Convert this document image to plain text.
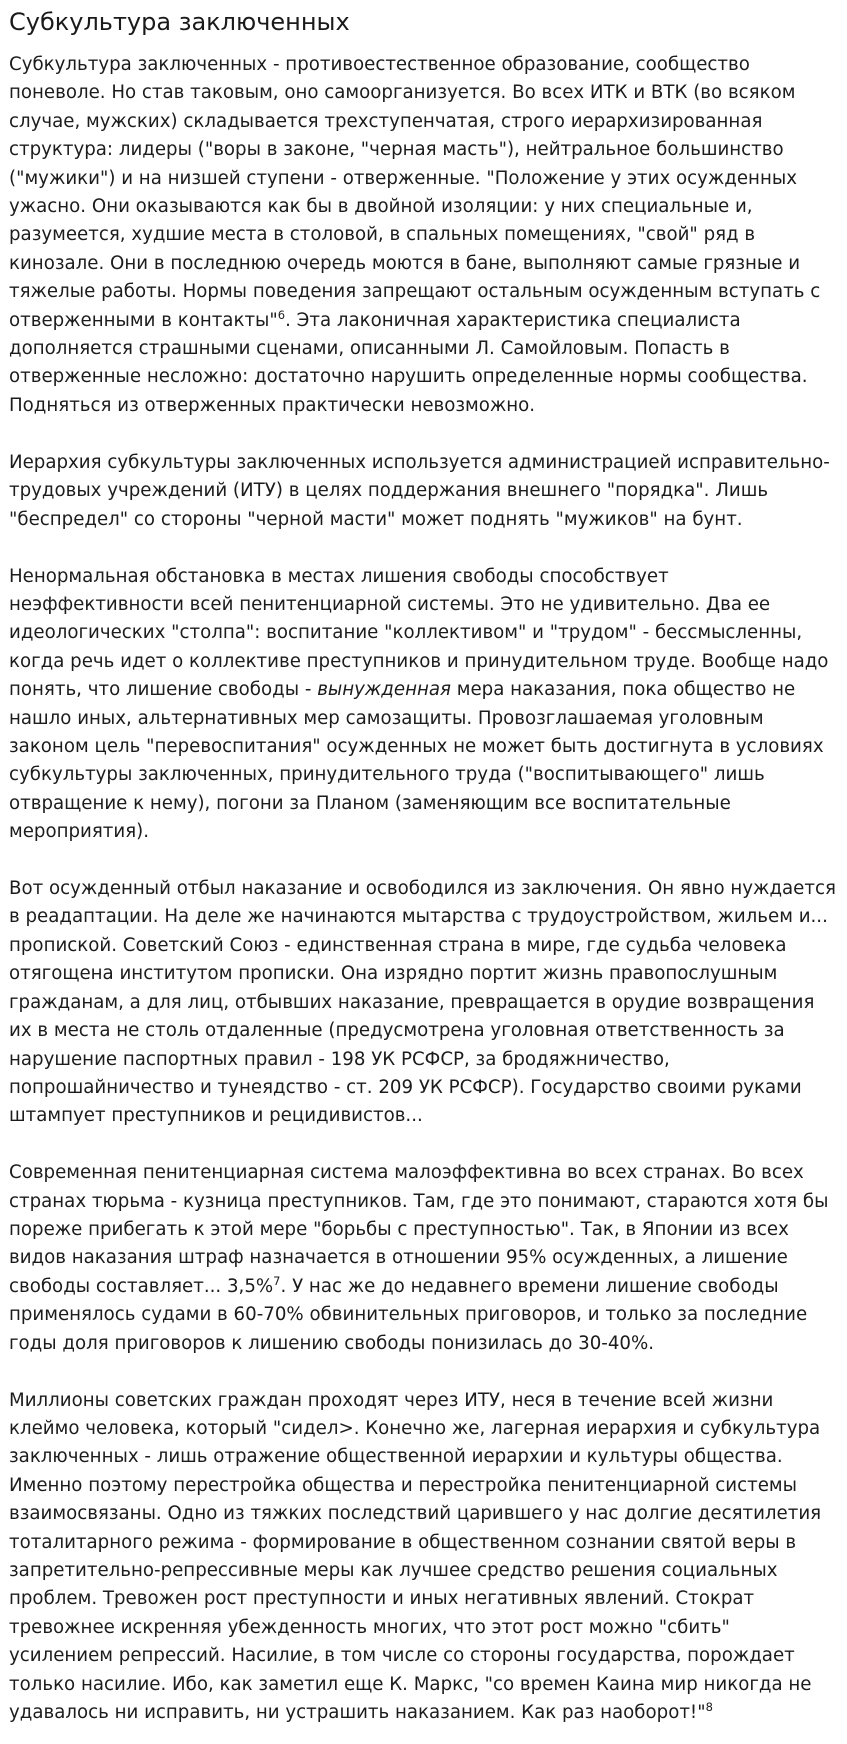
Субкультура заключенных

Субкультура заключенных - противоестественное образование, сообщество поневоле. Но став таковым, оно самоорганизуется. Во всех ИТК и ВТК (во всяком случае, мужских) складывается трехступенчатая, строго иерархизированная структура: лидеры ("воры в законе, "черная масть"), нейтральное большинство ("мужики") и на низшей ступени - отверженные. "Положение у этих осужденных ужасно. Они оказываются как бы в двойной изоляции: у них специальные и, разумеется, худшие места в столовой, в спальных помещениях, "свой" ряд в кинозале. Они в последнюю очередь моются в бане, выполняют самые грязные и тяжелые работы. Нормы поведения запрещают остальным осужденным вступать с отверженными в контакты"$^6$. Эта лаконичная характеристика специалиста дополняется страшными сценами, описанными Л. Самойловым. Попасть в отверженные несложно: достаточно нарушить определенные нормы сообщества. Подняться из отверженных практически невозможно.

Иерархия субкультуры заключенных используется администрацией исправительно-трудовых учреждений (ИТУ) в целях поддержания внешнего "порядка". Лишь "беспредел" со стороны "черной масти" может поднять "мужиков" на бунт.

Ненормальная обстановка в местах лишения свободы способствует неэффективности всей пенитенциарной системы. Это не удивительно. Два ее идеологических "столпа": воспитание "коллективом" и "трудом" - бессмысленны, когда речь идет о коллективе преступников и принудительном труде. Вообще надо понять, что лишение свободы - вынужденная мера наказания, пока общество не нашло иных, альтернативных мер самозащиты. Провозглашаемая уголовным законом цель "перевоспитания" осужденных не может быть достигнута в условиях субкультуры заключенных, принудительного труда ("воспитывающего" лишь отвращение к нему), погони за Планом (заменяющим все воспитательные мероприятия).

Вот осужденный отбыл наказание и освободился из заключения. Он явно нуждается в реадаптации. На деле же начинаются мытарства с трудоустройством, жильем и... пропиской. Советский Союз - единственная страна в мире, где судьба человека отягощена институтом прописки. Она изрядно портит жизнь правопослушным гражданам, а для лиц, отбывших наказание, превращается в орудие возвращения их в места не столь отдаленные (предусмотрена уголовная ответственность за нарушение паспортных правил - 198 УК РСФСР, за бродяжничество, попрошайничество и тунеядство - ст. 209 УК РСФСР). Государство своими руками штампует преступников и рецидивистов...

Современная пенитенциарная система малоэффективна во всех странах. Во всех странах тюрьма - кузница преступников. Там, где это понимают, стараются хотя бы пореже прибегать к этой мере "борьбы с преступностью". Так, в Японии из всех видов наказания штраф назначается в отношении 95% осужденных, а лишение свободы составляет... 3,5%$^7$. У нас же до недавнего времени лишение свободы применялось судами в 60-70% обвинительных приговоров, и только за последние годы доля приговоров к лишению свободы понизилась до 30-40%.

Миллионы советских граждан проходят через ИТУ, неся в течение всей жизни клеймо человека, который "сидел>. Конечно же, лагерная иерархия и субкультура заключенных - лишь отражение общественной иерархии и культуры общества. Именно поэтому перестройка общества и перестройка пенитенциарной системы взаимосвязаны. Одно из тяжких последствий царившего у нас долгие десятилетия тоталитарного режима - формирование в общественном сознании святой веры в запретительно-репрессивные меры как лучшее средство решения социальных проблем. Тревожен рост преступности и иных негативных явлений. Стократ тревожнее искренняя убежденность многих, что этот рост можно "сбить" усилением репрессий. Насилие, в том числе со стороны государства, порождает только насилие. Ибо, как заметил еще К. Маркс, "со времен Каина мир никогда не удавалось ни исправить, ни устрашить наказанием. Как раз наоборот!"$^8$
